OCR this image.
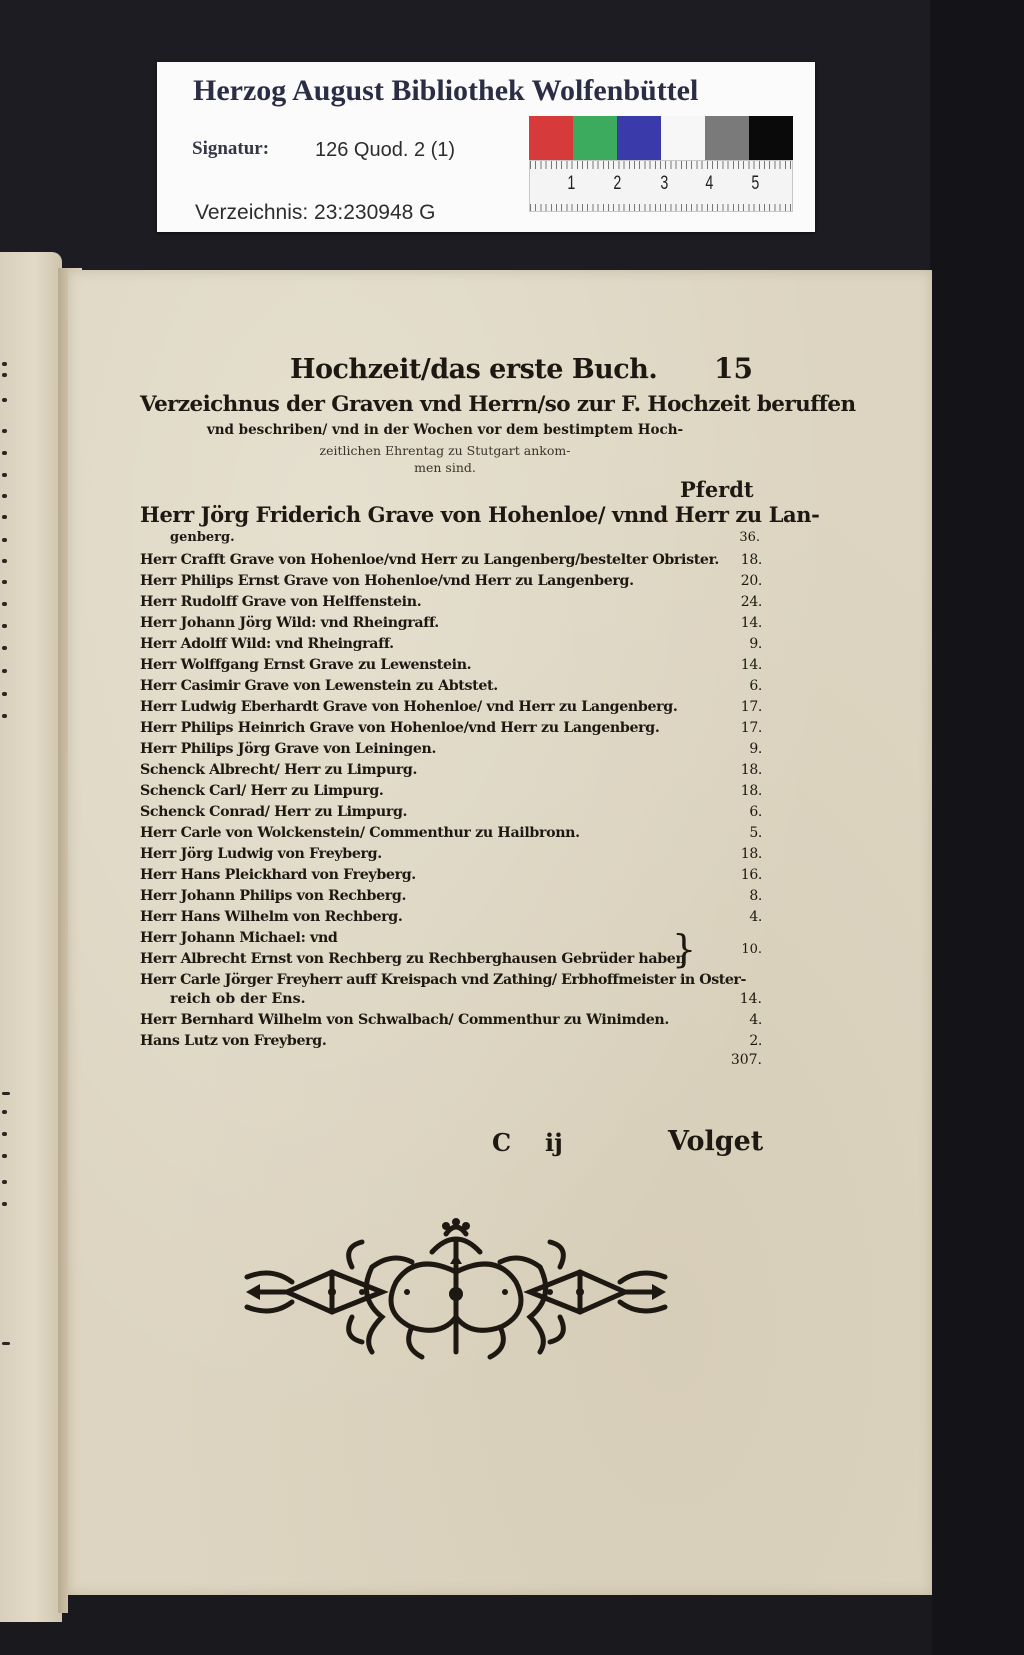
Hochzeit/das erste Buch. 15
Verzeichnus der Graven vnd Herrn/so zur F. Hochzeit beruffen
vnd beschriben/ vnd in der Wochen vor dem bestimptem Hoch-
zeitlichen Ehrentag zu Stutgart ankom-
men sind.
Pferdt
Herr Jörg Friderich Grave von Hohenloe/ vnnd Herr zu Lan-
genberg.	36.
Herr Crafft Grave von Hohenloe/vnd Herr zu Langenberg/bestelter Obrister. 18.
Herr Philips Ernst Grave von Hohenloe/vnd Herr zu Langenberg.	20.
Herr Rudolff Grave von Helffenstein.	24.
Herr Johann Jörg Wild: vnd Rheingraff.	14.
Herr Adolff Wild: vnd Rheingraff.	9.
Herr Wolffgang Ernst Grave zu Lewenstein.	14.
Herr Casimir Grave von Lewenstein zu Abtstet.	6.
Herr Ludwig Eberhardt Grave von Hohenloe/ vnd Herr zu Langenberg.	17.
Herr Philips Heinrich Grave von Hohenloe/vnd Herr zu Langenberg.	17.
Herr Philips Jörg Grave von Leiningen.	9.
Schenck Albrecht/ Herr zu Limpurg.	18.
Schenck Carl/ Herr zu Limpurg.	18.
Schenck Conrad/ Herr zu Limpurg.	6.
Herr Carle von Wolckenstein/ Commenthur zu Hailbronn.	5.
Herr Jörg Ludwig von Freyberg.	18.
Herr Hans Pleickhard von Freyberg.	16.
Herr Johann Philips von Rechberg.	8.
Herr Hans Wilhelm von Rechberg.	4.
Herr Johann Michael: vnd
Herr Albrecht Ernst von Rechberg zu Rechberghausen Gebrüder haben
}	10.
Herr Carle Jörger Freyherr auff Kreispach vnd Zathing/ Erbhoffmeister in Oster-
reich ob der Ens.	14.
Herr Bernhard Wilhelm von Schwalbach/ Commenthur zu Winimden.	4.
Hans Lutz von Freyberg.	2.
307.
C ij	Volget
Herzog August Bibliothek Wolfenbüttel
Signatur: 126 Quod. 2 (1)
Verzeichnis: 23:230948 G
1 2 3 4 5
